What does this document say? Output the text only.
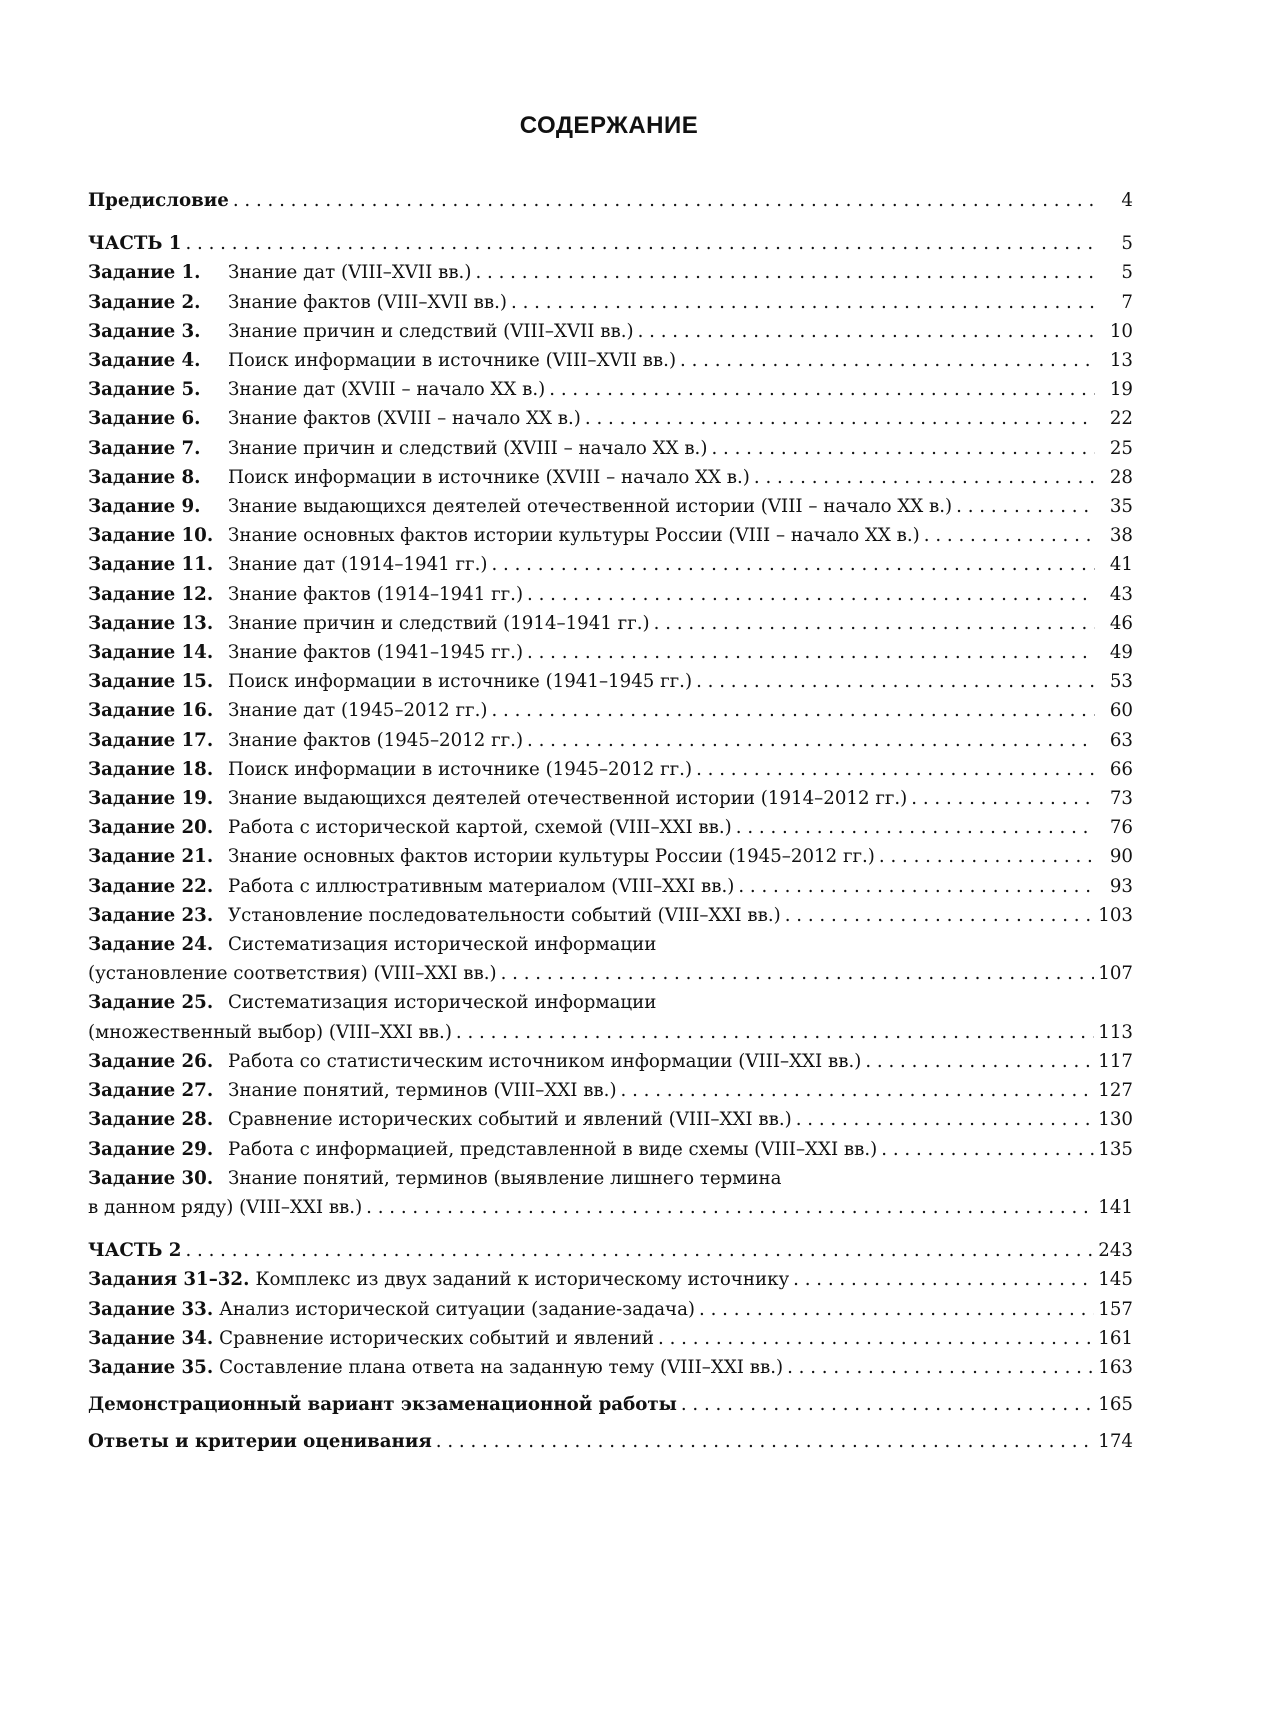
СОДЕРЖАНИЕ
Предисловие . . .	4
ЧАСТЬ 1 . . .	5
Задание 1.	Знание дат (VIII–XVII вв.) . . .	5
Задание 2.	Знание фактов (VIII–XVII вв.) . . .	7
Задание 3.	Знание причин и следствий (VIII–XVII вв.) . . .	10
Задание 4.	Поиск информации в источнике (VIII–XVII вв.) . . .	13
Задание 5.	Знание дат (XVIII – начало XX в.) . . .	19
Задание 6.	Знание фактов (XVIII – начало XX в.) . . .	22
Задание 7.	Знание причин и следствий (XVIII – начало XX в.) . . .	25
Задание 8.	Поиск информации в источнике (XVIII – начало XX в.) . . .	28
Задание 9.	Знание выдающихся деятелей отечественной истории (VIII – начало XX в.) . . .	35
Задание 10. Знание основных фактов истории культуры России (VIII – начало XX в.) . . .	38
Задание 11. Знание дат (1914–1941 гг.) . . .	41
Задание 12. Знание фактов (1914–1941 гг.) . . .	43
Задание 13. Знание причин и следствий (1914–1941 гг.) . . .	46
Задание 14. Знание фактов (1941–1945 гг.) . . .	49
Задание 15. Поиск информации в источнике (1941–1945 гг.) . . .	53
Задание 16. Знание дат (1945–2012 гг.) . . .	60
Задание 17. Знание фактов (1945–2012 гг.) . . .	63
Задание 18. Поиск информации в источнике (1945–2012 гг.) . . .	66
Задание 19. Знание выдающихся деятелей отечественной истории (1914–2012 гг.) . . .	73
Задание 20. Работа с исторической картой, схемой (VIII–XXI вв.) . . .	76
Задание 21. Знание основных фактов истории культуры России (1945–2012 гг.) . . .	90
Задание 22. Работа с иллюстративным материалом (VIII–XXI вв.) . . .	93
Задание 23. Установление последовательности событий (VIII–XXI вв.) . . .	103
Задание 24. Систематизация исторической информации
(установление соответствия) (VIII–XXI вв.) . . .	107
Задание 25. Систематизация исторической информации
(множественный выбор) (VIII–XXI вв.) . . .	113
Задание 26. Работа со статистическим источником информации (VIII–XXI вв.) . . .	117
Задание 27. Знание понятий, терминов (VIII–XXI вв.) . . .	127
Задание 28. Сравнение исторических событий и явлений (VIII–XXI вв.) . . .	130
Задание 29. Работа с информацией, представленной в виде схемы (VIII–XXI вв.) . . .	135
Задание 30. Знание понятий, терминов (выявление лишнего термина
в данном ряду) (VIII–XXI вв.) . . .	141
ЧАСТЬ 2 . . .	243
Задания 31–32. Комплекс из двух заданий к историческому источнику . . .	145
Задание 33. Анализ исторической ситуации (задание-задача) . . .	157
Задание 34. Сравнение исторических событий и явлений . . .	161
Задание 35. Составление плана ответа на заданную тему (VIII–XXI вв.) . . .	163
Демонстрационный вариант экзаменационной работы . . .	165
Ответы и критерии оценивания . . .	174
